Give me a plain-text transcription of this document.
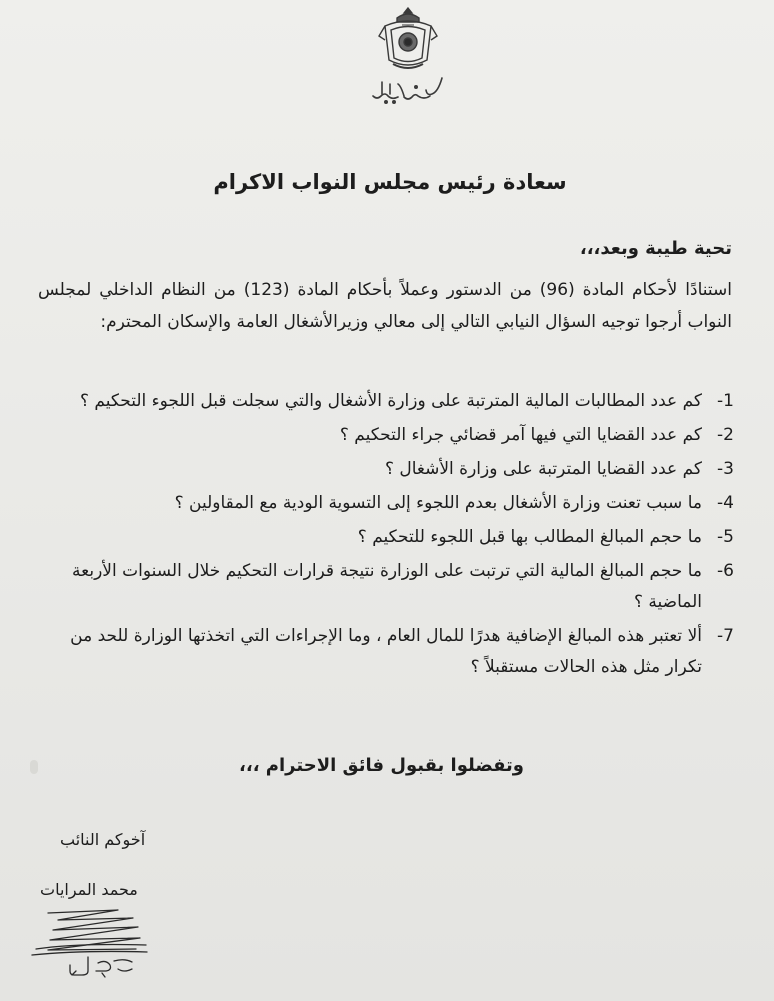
سعادة رئيس مجلس النواب الاكرام
تحية طيبة وبعد،،،
استنادًا لأحكام المادة (96) من الدستور وعملاً بأحكام المادة (123) من النظام الداخلي لمجلس النواب أرجوا توجيه السؤال النيابي التالي إلى معالي وزيرالأشغال العامة والإسكان المحترم:
1-
كم عدد المطالبات المالية المترتبة على وزارة الأشغال والتي سجلت قبل اللجوء التحكيم ؟
2-
كم عدد القضايا التي فيها آمر قضائي جراء التحكيم ؟
3-
كم عدد القضايا المترتبة على وزارة الأشغال ؟
4-
ما سبب تعنت وزارة الأشغال بعدم اللجوء إلى التسوية الودية مع المقاولين ؟
5-
ما حجم المبالغ المطالب بها قبل اللجوء للتحكيم ؟
6-
ما حجم المبالغ المالية التي ترتبت على الوزارة نتيجة قرارات التحكيم خلال السنوات الأربعة الماضية ؟
7-
ألا تعتبر هذه المبالغ الإضافية هدرًا للمال العام ، وما الإجراءات التي اتخذتها الوزارة للحد من تكرار مثل هذه الحالات مستقبلاً ؟
وتفضلوا بقبول فائق الاحترام ،،،
آخوكم النائب
محمد المرايات
